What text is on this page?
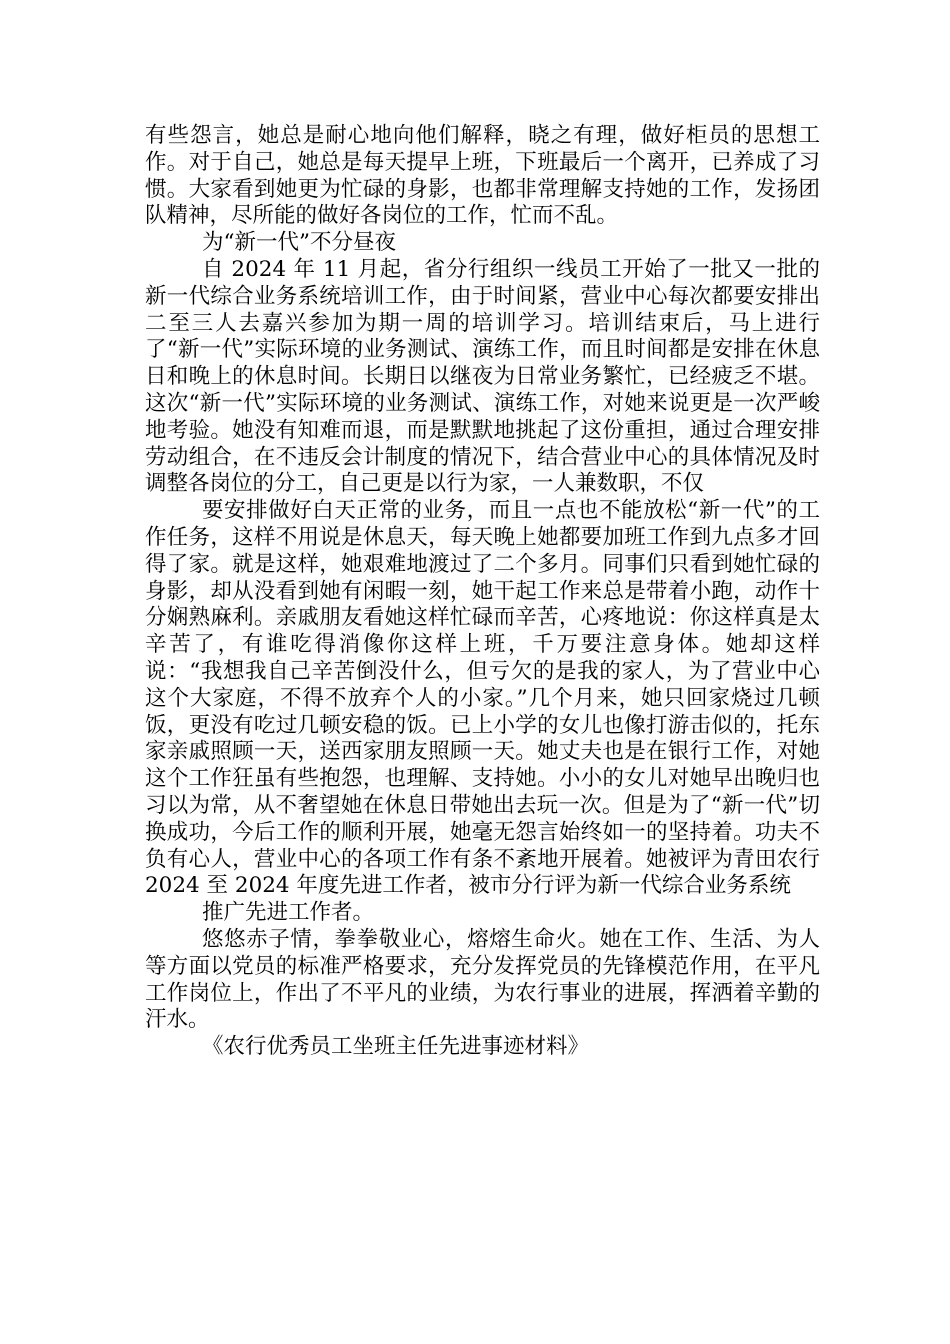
有些怨言，她总是耐心地向他们解释，晓之有理，做好柜员的思想工作。对于自己，她总是每天提早上班，下班最后一个离开，已养成了习惯。大家看到她更为忙碌的身影，也都非常理解支持她的工作，发扬团队精神，尽所能的做好各岗位的工作，忙而不乱。

为“新一代”不分昼夜

自 2024 年 11 月起，省分行组织一线员工开始了一批又一批的新一代综合业务系统培训工作，由于时间紧，营业中心每次都要安排出二至三人去嘉兴参加为期一周的培训学习。培训结束后，马上进行了“新一代”实际环境的业务测试、演练工作，而且时间都是安排在休息日和晚上的休息时间。长期日以继夜为日常业务繁忙，已经疲乏不堪。这次“新一代”实际环境的业务测试、演练工作，对她来说更是一次严峻地考验。她没有知难而退，而是默默地挑起了这份重担，通过合理安排劳动组合，在不违反会计制度的情况下，结合营业中心的具体情况及时调整各岗位的分工，自己更是以行为家，一人兼数职，不仅

要安排做好白天正常的业务，而且一点也不能放松“新一代”的工作任务，这样不用说是休息天，每天晚上她都要加班工作到九点多才回得了家。就是这样，她艰难地渡过了二个多月。同事们只看到她忙碌的身影，却从没看到她有闲暇一刻，她干起工作来总是带着小跑，动作十分娴熟麻利。亲戚朋友看她这样忙碌而辛苦，心疼地说：你这样真是太辛苦了，有谁吃得消像你这样上班，千万要注意身体。她却这样说：“我想我自己辛苦倒没什么，但亏欠的是我的家人，为了营业中心这个大家庭，不得不放弃个人的小家。”几个月来，她只回家烧过几顿饭，更没有吃过几顿安稳的饭。已上小学的女儿也像打游击似的，托东家亲戚照顾一天，送西家朋友照顾一天。她丈夫也是在银行工作，对她这个工作狂虽有些抱怨，也理解、支持她。小小的女儿对她早出晚归也习以为常，从不奢望她在休息日带她出去玩一次。但是为了“新一代”切换成功，今后工作的顺利开展，她毫无怨言始终如一的坚持着。功夫不负有心人，营业中心的各项工作有条不紊地开展着。她被评为青田农行 2024 至 2024 年度先进工作者，被市分行评为新一代综合业务系统

推广先进工作者。

悠悠赤子情，拳拳敬业心，熔熔生命火。她在工作、生活、为人等方面以党员的标准严格要求，充分发挥党员的先锋模范作用，在平凡工作岗位上，作出了不平凡的业绩，为农行事业的进展，挥洒着辛勤的汗水。

《农行优秀员工坐班主任先进事迹材料》
